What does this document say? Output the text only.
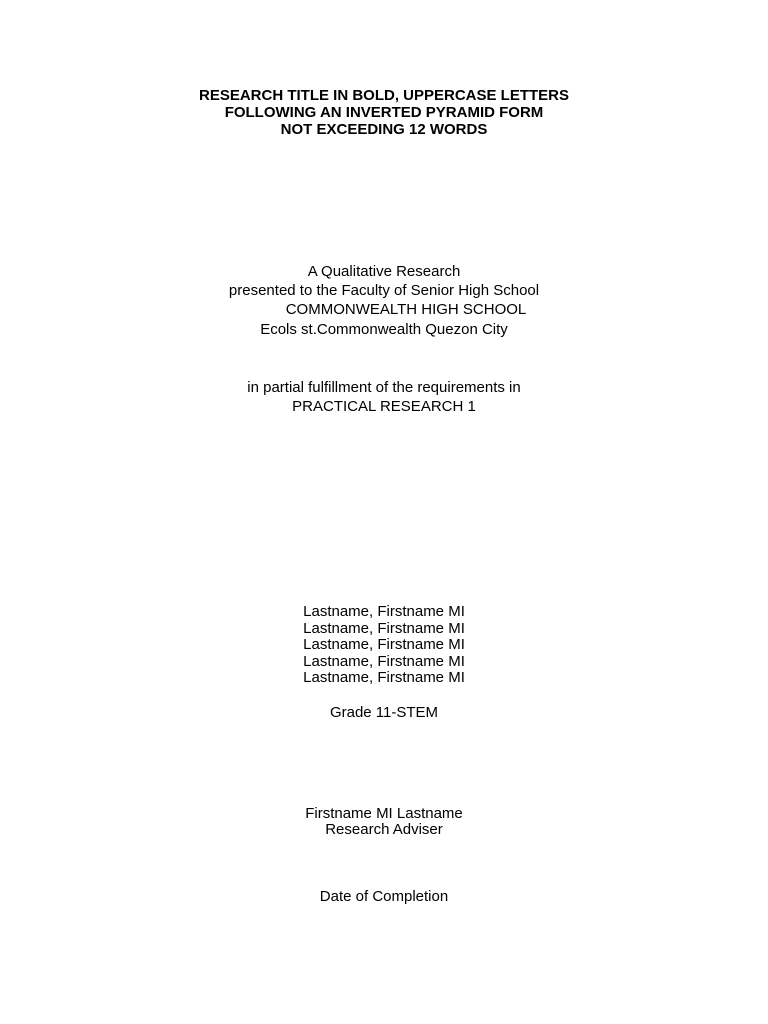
RESEARCH TITLE IN BOLD, UPPERCASE LETTERS
FOLLOWING AN INVERTED PYRAMID FORM
NOT EXCEEDING 12 WORDS
A Qualitative Research
presented to the Faculty of Senior High School
COMMONWEALTH HIGH SCHOOL
Ecols st.Commonwealth Quezon City
in partial fulfillment of the requirements in
PRACTICAL RESEARCH 1
Lastname, Firstname MI
Lastname, Firstname MI
Lastname, Firstname MI
Lastname, Firstname MI
Lastname, Firstname MI
Grade 11-STEM
Firstname MI Lastname
Research Adviser
Date of Completion
